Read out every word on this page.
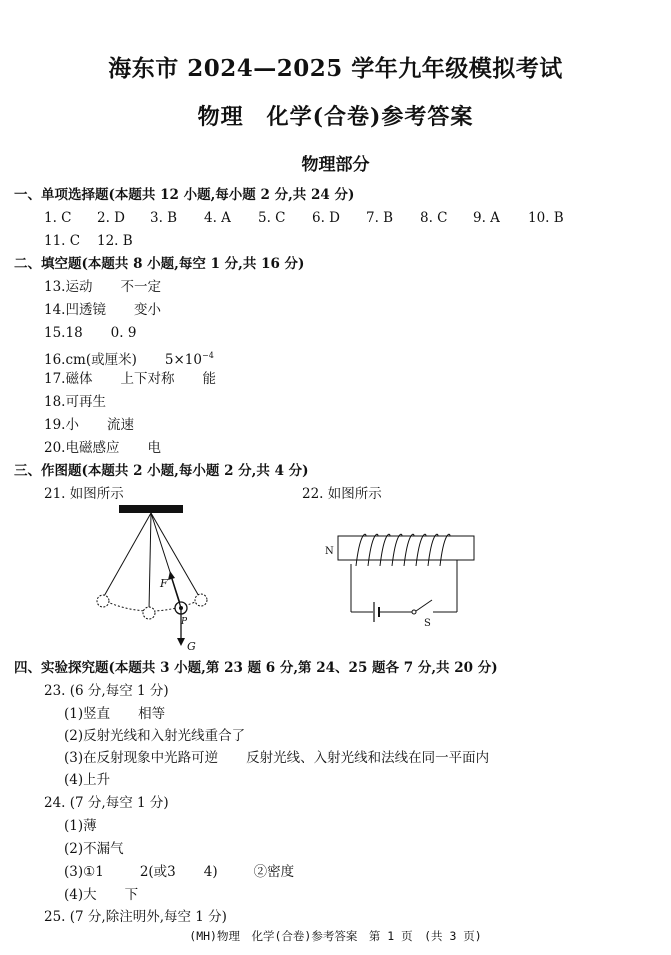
海东市 2024—2025 学年九年级模拟考试
物理　化学(合卷)参考答案
物理部分
一、单项选择题(本题共 12 小题,每小题 2 分,共 24 分)
1. C 2. D 3. B 4. A 5. C 6. D 7. B 8. C 9. A 10. B
11. C 12. B
二、填空题(本题共 8 小题,每空 1 分,共 16 分)
13.运动 不一定
14.凹透镜 变小
15.18 0. 9
16.cm(或厘米) $5\times 10^{-4}$
17.磁体 上下对称 能
18.可再生
19.小 流速
20.电磁感应 电
三、作图题(本题共 2 小题,每小题 2 分,共 4 分)
21. 如图所示	22. 如图所示
F
P
G
N
S
四、实验探究题(本题共 3 小题,第 23 题 6 分,第 24、25 题各 7 分,共 20 分)
23. (6 分,每空 1 分)
(1)竖直 相等
(2)反射光线和入射光线重合了
(3)在反射现象中光路可逆 反射光线、入射光线和法线在同一平面内
(4)上升
24. (7 分,每空 1 分)
(1)薄
(2)不漏气
(3)①1	2(或3 4)	②密度
(4)大 下
25. (7 分,除注明外,每空 1 分)
(MH)物理　化学(合卷)参考答案　第 1 页　(共 3 页)
